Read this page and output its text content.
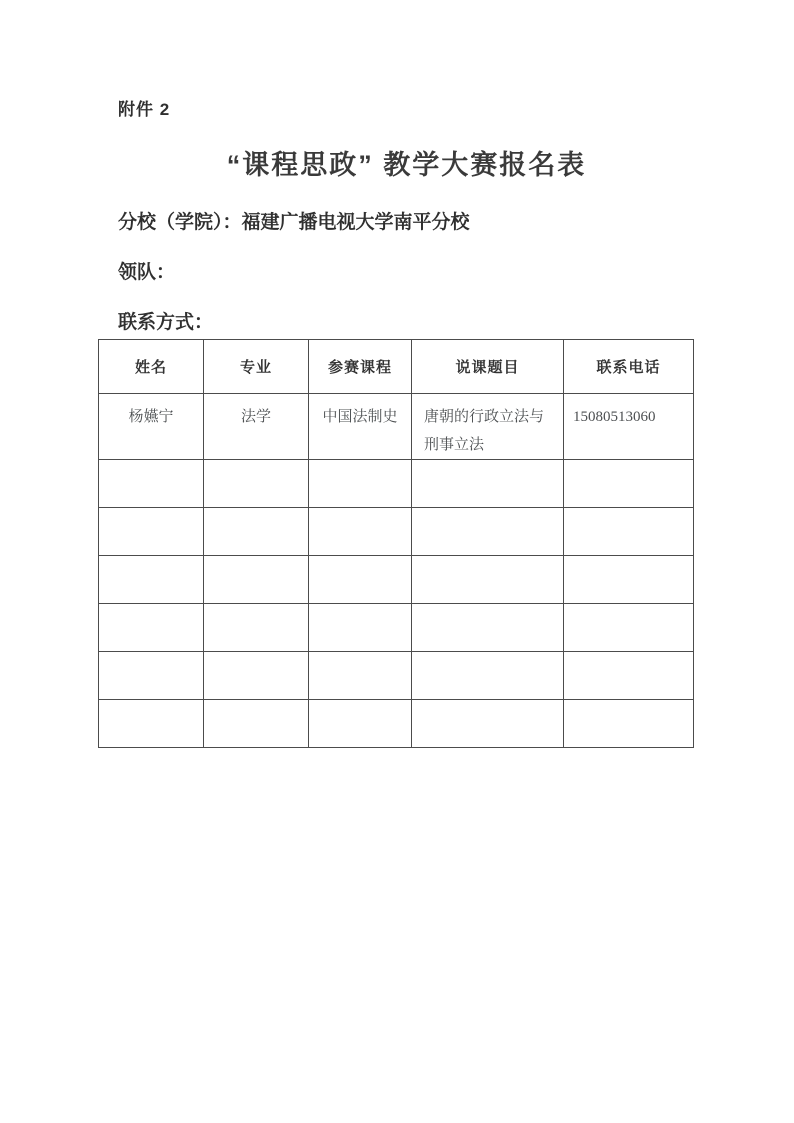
附件 2
“课程思政” 教学大赛报名表
分校（学院）：福建广播电视大学南平分校
领队：
联系方式：
姓名	专业	参赛课程	说课题目	联系电话
杨嬿宁	法学	中国法制史	唐朝的行政立法与刑事立法	15080513060
